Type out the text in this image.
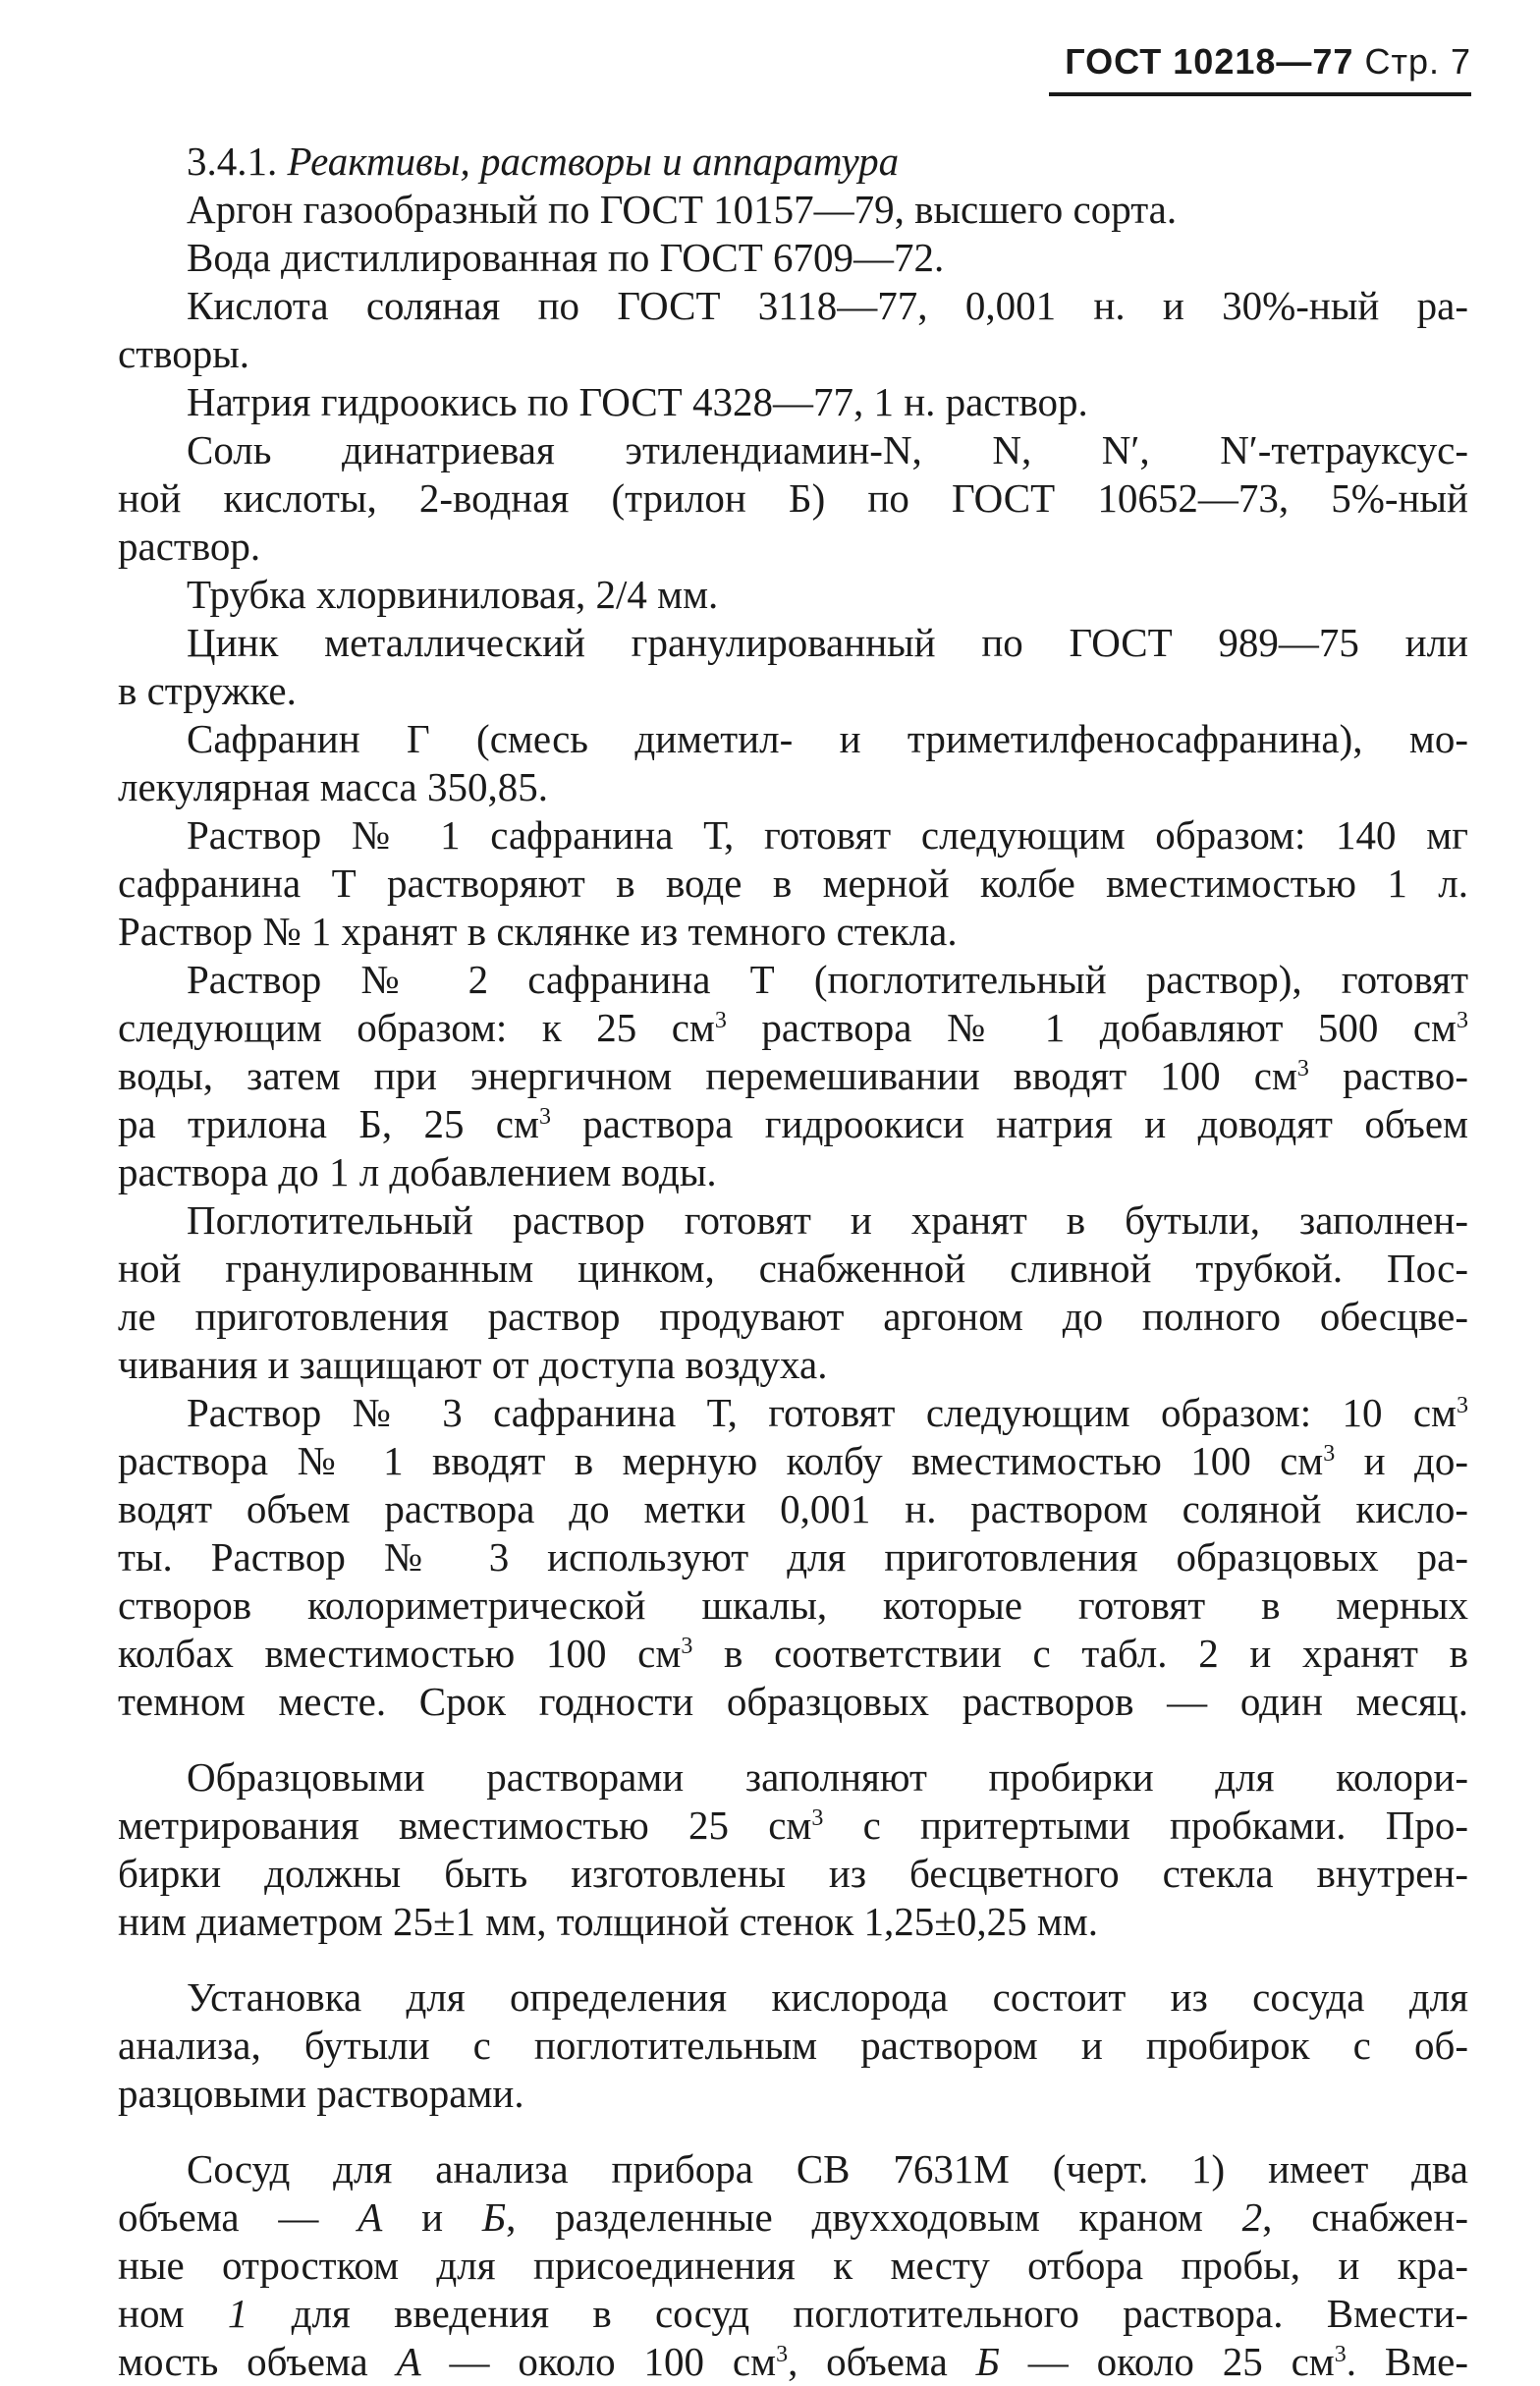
ГОСТ 10218—77 Стр. 7
3.4.1. Реактивы, растворы и аппаратура
Аргон газообразный по ГОСТ 10157—79, высшего сорта.
Вода дистиллированная по ГОСТ 6709—72.
Кислота соляная по ГОСТ 3118—77, 0,001 н. и 30%-ный ра-
створы.
Натрия гидроокись по ГОСТ 4328—77, 1 н. раствор.
Соль динатриевая этилендиамин-N, N, N′, N′-тетрауксус-
ной кислоты, 2-водная (трилон Б) по ГОСТ 10652—73, 5%-ный
раствор.
Трубка хлорвиниловая, 2/4 мм.
Цинк металлический гранулированный по ГОСТ 989—75 или
в стружке.
Сафранин Г (смесь диметил- и триметилфеносафранина), мо-
лекулярная масса 350,85.
Раствор № 1 сафранина Т, готовят следующим образом: 140 мг
сафранина Т растворяют в воде в мерной колбе вместимостью 1 л.
Раствор № 1 хранят в склянке из темного стекла.
Раствор № 2 сафранина Т (поглотительный раствор), готовят
следующим образом: к 25 $см^3$ раствора № 1 добавляют 500 $см^3$
воды, затем при энергичном перемешивании вводят 100 $см^3$ раство-
ра трилона Б, 25 $см^3$ раствора гидроокиси натрия и доводят объем
раствора до 1 л добавлением воды.
Поглотительный раствор готовят и хранят в бутыли, заполнен-
ной гранулированным цинком, снабженной сливной трубкой. Пос-
ле приготовления раствор продувают аргоном до полного обесцве-
чивания и защищают от доступа воздуха.
Раствор № 3 сафранина Т, готовят следующим образом: 10 $см^3$
раствора № 1 вводят в мерную колбу вместимостью 100 $см^3$ и до-
водят объем раствора до метки 0,001 н. раствором соляной кисло-
ты. Раствор № 3 используют для приготовления образцовых ра-
створов колориметрической шкалы, которые готовят в мерных
колбах вместимостью 100 $см^3$ в соответствии с табл. 2 и хранят в
темном месте. Срок годности образцовых растворов — один месяц.
Образцовыми растворами заполняют пробирки для колори-
метрирования вместимостью 25 $см^3$ с притертыми пробками. Про-
бирки должны быть изготовлены из бесцветного стекла внутрен-
ним диаметром 25±1 мм, толщиной стенок 1,25±0,25 мм.
Установка для определения кислорода состоит из сосуда для
анализа, бутыли с поглотительным раствором и пробирок с об-
разцовыми растворами.
Сосуд для анализа прибора СВ 7631М (черт. 1) имеет два
объема — А и Б, разделенные двухходовым краном 2, снабжен-
ные отростком для присоединения к месту отбора пробы, и кра-
ном 1 для введения в сосуд поглотительного раствора. Вмести-
мость объема А — около 100 $см^3$, объема Б — около 25 $см^3$. Вме-
